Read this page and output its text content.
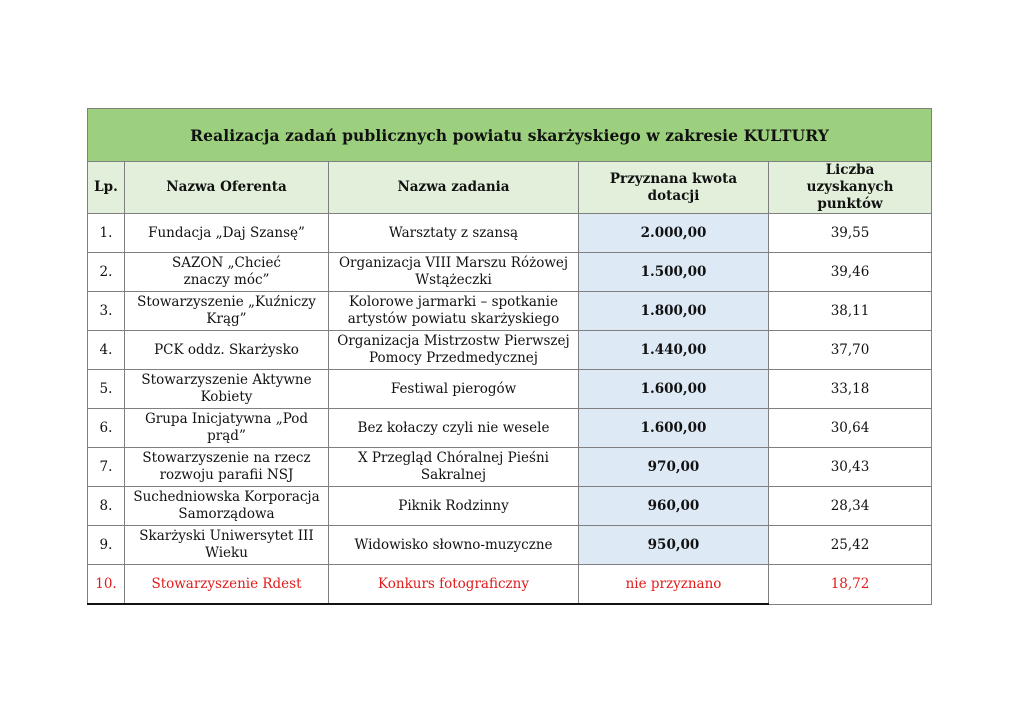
Realizacja zadań publicznych powiatu skarżyskiego w zakresie KULTURY				
Lp.	Nazwa Oferenta	Nazwa zadania	Przyznana kwota dotacji	Liczba uzyskanych punktów
1.	Fundacja „Daj Szansę”	Warsztaty z szansą	2.000,00	39,55
2.	SAZON „Chcieć znaczy móc”	Organizacja VIII Marszu Różowej Wstążeczki	1.500,00	39,46
3.	Stowarzyszenie „Kuźniczy Krąg”	Kolorowe jarmarki – spotkanie artystów powiatu skarżyskiego	1.800,00	38,11
4.	PCK oddz. Skarżysko	Organizacja Mistrzostw Pierwszej Pomocy Przedmedycznej	1.440,00	37,70
5.	Stowarzyszenie Aktywne Kobiety	Festiwal pierogów	1.600,00	33,18
6.	Grupa Inicjatywna „Pod prąd”	Bez kołaczy czyli nie wesele	1.600,00	30,64
7.	Stowarzyszenie na rzecz rozwoju parafii NSJ	X Przegląd Chóralnej Pieśni Sakralnej	970,00	30,43
8.	Suchedniowska Korporacja Samorządowa	Piknik Rodzinny	960,00	28,34
9.	Skarżyski Uniwersytet III Wieku	Widowisko słowno-muzyczne	950,00	25,42
10.	Stowarzyszenie Rdest	Konkurs fotograficzny	nie przyznano	18,72
